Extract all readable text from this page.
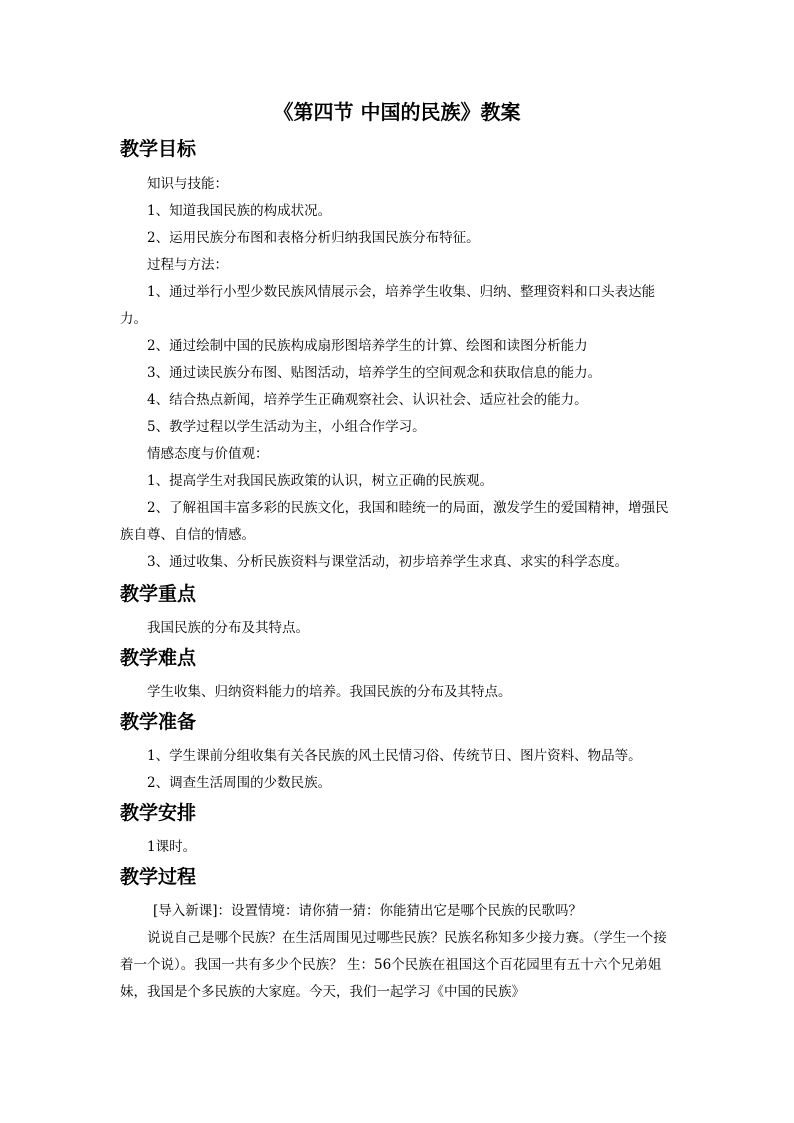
《第四节 中国的民族》教案
教学目标
知识与技能：
1、知道我国民族的构成状况。
2、运用民族分布图和表格分析归纳我国民族分布特征。
过程与方法：
1、通过举行小型少数民族风情展示会，培养学生收集、归纳、整理资料和口头表达能力。
2、通过绘制中国的民族构成扇形图培养学生的计算、绘图和读图分析能力
3、通过读民族分布图、贴图活动，培养学生的空间观念和获取信息的能力。
4、结合热点新闻，培养学生正确观察社会、认识社会、适应社会的能力。
5、教学过程以学生活动为主，小组合作学习。
情感态度与价值观：
1、提高学生对我国民族政策的认识，树立正确的民族观。
2、了解祖国丰富多彩的民族文化，我国和睦统一的局面，激发学生的爱国精神，增强民族自尊、自信的情感。
3、通过收集、分析民族资料与课堂活动，初步培养学生求真、求实的科学态度。
教学重点
我国民族的分布及其特点。
教学难点
学生收集、归纳资料能力的培养。我国民族的分布及其特点。
教学准备
1、学生课前分组收集有关各民族的风土民情习俗、传统节日、图片资料、物品等。
2、调查生活周围的少数民族。
教学安排
1课时。
教学过程
[导入新课]：设置情境：请你猜一猜：你能猜出它是哪个民族的民歌吗？
说说自己是哪个民族？在生活周围见过哪些民族？民族名称知多少接力赛。（学生一个接着一个说）。我国一共有多少个民族？ 生：56个民族在祖国这个百花园里有五十六个兄弟姐妹，我国是个多民族的大家庭。今天，我们一起学习《中国的民族》
